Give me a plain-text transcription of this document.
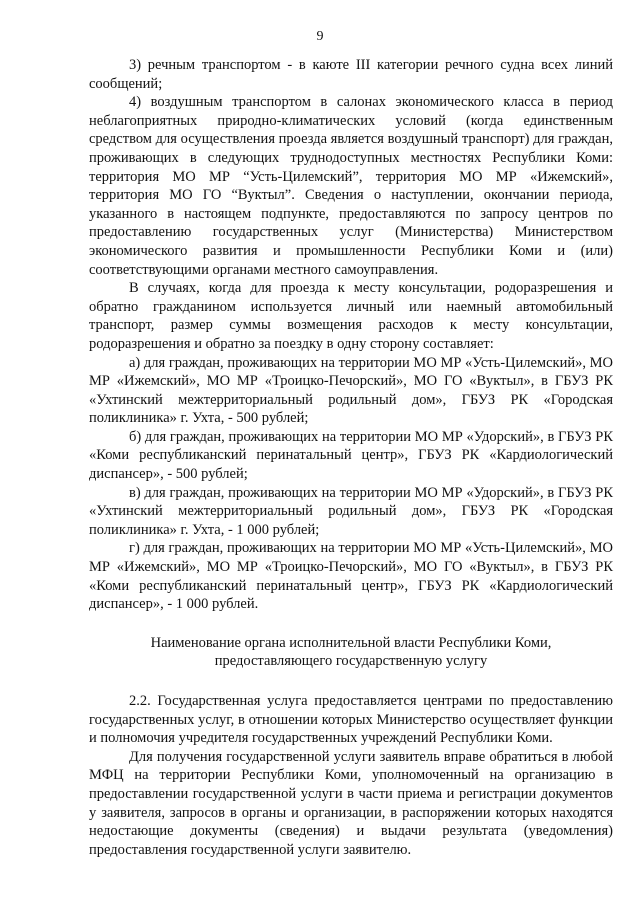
9

3) речным транспортом - в каюте III категории речного судна всех линий сообщений;

4) воздушным транспортом в салонах экономического класса в период неблагоприятных природно-климатических условий (когда единственным средством для осуществления проезда является воздушный транспорт) для граждан, проживающих в следующих труднодоступных местностях Республики Коми: территория МО МР “Усть-Цилемский”, территория МО МР «Ижемский», территория МО ГО “Вуктыл”. Сведения о наступлении, окончании периода, указанного в настоящем подпункте, предоставляются по запросу центров по предоставлению государственных услуг (Министерства) Министерством экономического развития и промышленности Республики Коми и (или) соответствующими органами местного самоуправления.

В случаях, когда для проезда к месту консультации, родоразрешения и обратно гражданином используется личный или наемный автомобильный транспорт, размер суммы возмещения расходов к месту консультации, родоразрешения и обратно за поездку в одну сторону составляет:

а) для граждан, проживающих на территории МО МР «Усть-Цилемский», МО МР «Ижемский», МО МР «Троицко-Печорский», МО ГО «Вуктыл», в ГБУЗ РК «Ухтинский межтерриториальный родильный дом», ГБУЗ РК «Городская поликлиника» г. Ухта, - 500 рублей;

б) для граждан, проживающих на территории МО МР «Удорский», в ГБУЗ РК «Коми республиканский перинатальный центр», ГБУЗ РК «Кардиологический диспансер», - 500 рублей;

в) для граждан, проживающих на территории МО МР «Удорский», в ГБУЗ РК «Ухтинский межтерриториальный родильный дом», ГБУЗ РК «Городская поликлиника» г. Ухта, - 1 000 рублей;

г) для граждан, проживающих на территории МО МР «Усть-Цилемский», МО МР «Ижемский», МО МР «Троицко-Печорский», МО ГО «Вуктыл», в ГБУЗ РК «Коми республиканский перинатальный центр», ГБУЗ РК «Кардиологический диспансер», - 1 000 рублей.

Наименование органа исполнительной власти Республики Коми,
предоставляющего государственную услугу

2.2. Государственная услуга предоставляется центрами по предоставлению государственных услуг, в отношении которых Министерство осуществляет функции и полномочия учредителя государственных учреждений Республики Коми.

Для получения государственной услуги заявитель вправе обратиться в любой МФЦ на территории Республики Коми, уполномоченный на организацию в предоставлении государственной услуги в части приема и регистрации документов у заявителя, запросов в органы и организации, в распоряжении которых находятся недостающие документы (сведения) и выдачи результата (уведомления) предоставления государственной услуги заявителю.
